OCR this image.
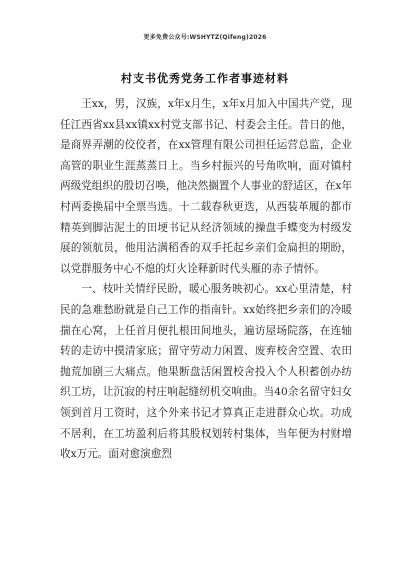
更多免费公众号:WSHYTZ(Qifeng)2026
村支书优秀党务工作者事迹材料

王xx，男，汉族，x年x月生，x年x月加入中国共产党，现任江西省xx县xx镇xx村党支部书记、村委会主任。昔日的他，是商界弄潮的佼佼者，在xx管理有限公司担任运营总监，企业高管的职业生涯蒸蒸日上。当乡村振兴的号角吹响，面对镇村两级党组织的殷切召唤，他决然搁置个人事业的舒适区，在x年村两委换届中全票当选。十二载春秋更迭，从西装革履的都市精英到脚沾泥土的田埂书记从经济领域的操盘手蝶变为村级发展的领航员，他用沾满稻香的双手托起乡亲们金扁担的期盼，以党群服务中心不熄的灯火诠释新时代头雁的赤子情怀。

一、枝叶关情纾民盼，暖心服务映初心。xx心里清楚，村民的急难愁盼就是自己工作的指南针。xx始终把乡亲们的冷暖揣在心窝，上任首月便扎根田间地头，遍访屋场院落，在连轴转的走访中摸清家底；留守劳动力闲置、废弃校舍空置、农田抛荒加剧三大痛点。他果断盘活闲置校舍投入个人积蓄创办纺织工坊，让沉寂的村庄响起缝纫机交响曲。当40余名留守妇女领到首月工资时，这个外来书记才算真正走进群众心坎。功成不居利，在工坊盈利后将其股权划转村集体，当年便为村财增收x万元。面对愈演愈烈
